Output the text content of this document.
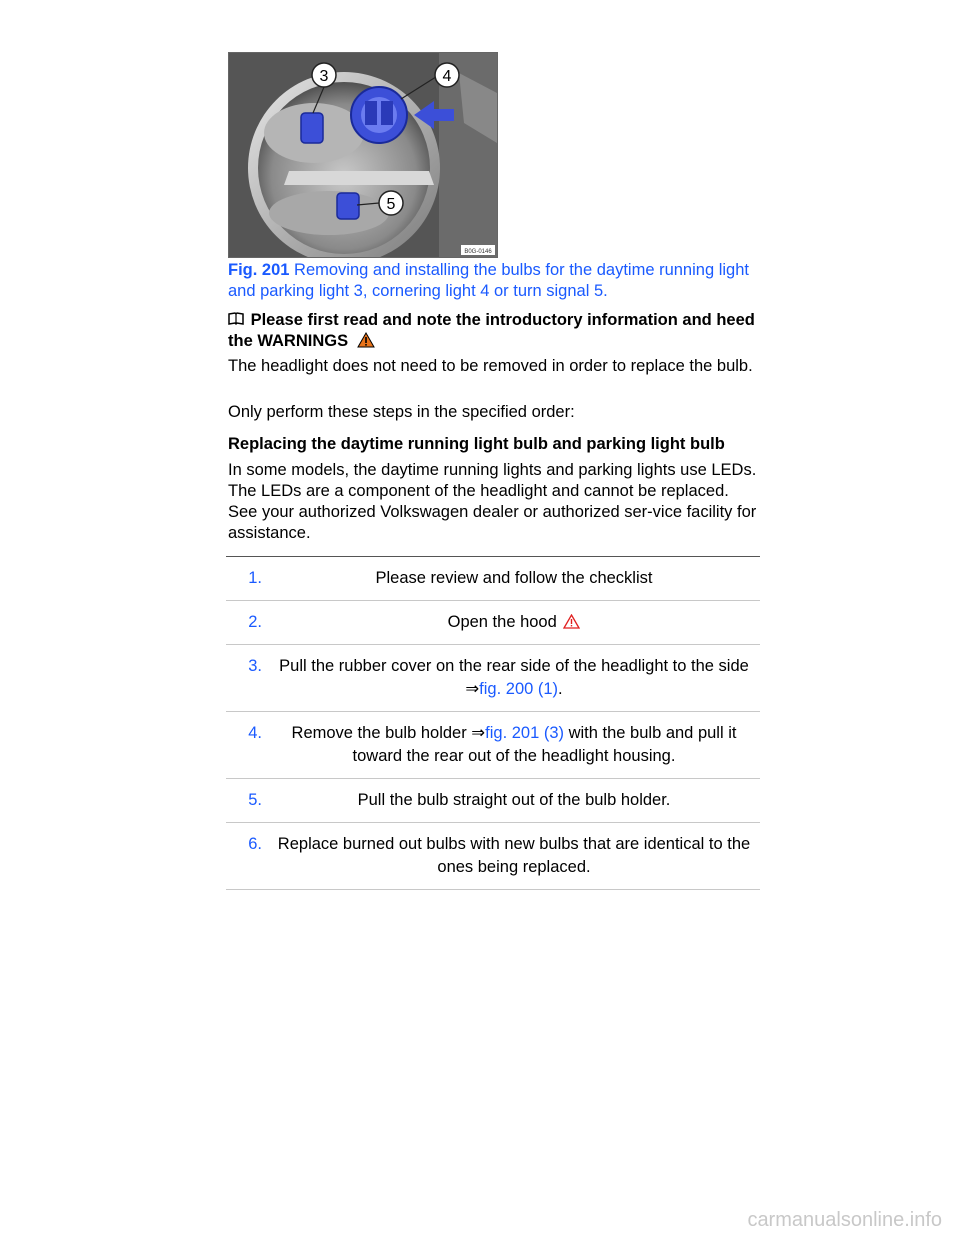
3	4
5
B0G-0146
Fig. 201 Removing and installing the bulbs for the daytime running light and parking light 3, cornering light 4 or turn signal 5.

Please first read and note the introductory information and heed the WARNINGS

The headlight does not need to be removed in order to replace the bulb.

Only perform these steps in the specified order:

Replacing the daytime running light bulb and parking light bulb

In some models, the daytime running lights and parking lights use LEDs. The LEDs are a component of the headlight and cannot be replaced. See your authorized Volkswagen dealer or authorized ser-vice facility for assistance.

1.	Please review and follow the checklist
2.	Open the hood
3.	Pull the rubber cover on the rear side of the headlight to the side ⇒fig. 200 (1).
4.	Remove the bulb holder ⇒fig. 201 (3) with the bulb and pull it toward the rear out of the headlight housing.
5.	Pull the bulb straight out of the bulb holder.
6. Replace burned out bulbs with new bulbs that are identical to the ones being replaced.
carmanualsonline.info
